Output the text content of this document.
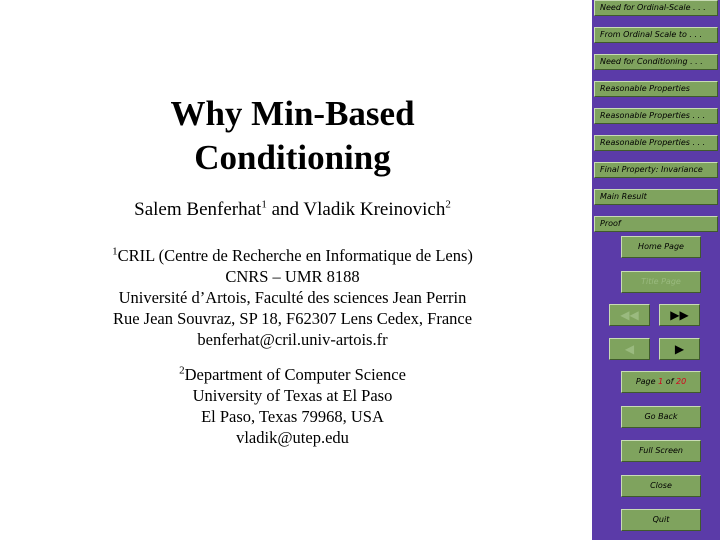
Why Min-Based
Conditioning
Salem Benferhat$^1$ and Vladik Kreinovich$^2$
$^1$CRIL (Centre de Recherche en Informatique de Lens)
CNRS – UMR 8188
Université d’Artois, Faculté des sciences Jean Perrin
Rue Jean Souvraz, SP 18, F62307 Lens Cedex, France
benferhat@cril.univ-artois.fr
$^2$Department of Computer Science
University of Texas at El Paso
El Paso, Texas 79968, USA
vladik@utep.edu
Need for Ordinal-Scale . . .
From Ordinal Scale to . . .
Need for Conditioning . . .
Reasonable Properties
Reasonable Properties . . .
Reasonable Properties . . .
Final Property: Invariance
Main Result
Proof
Home Page
Title Page
◀◀	▶▶
◀	▶
Page 1 of 20
Go Back
Full Screen
Close
Quit
